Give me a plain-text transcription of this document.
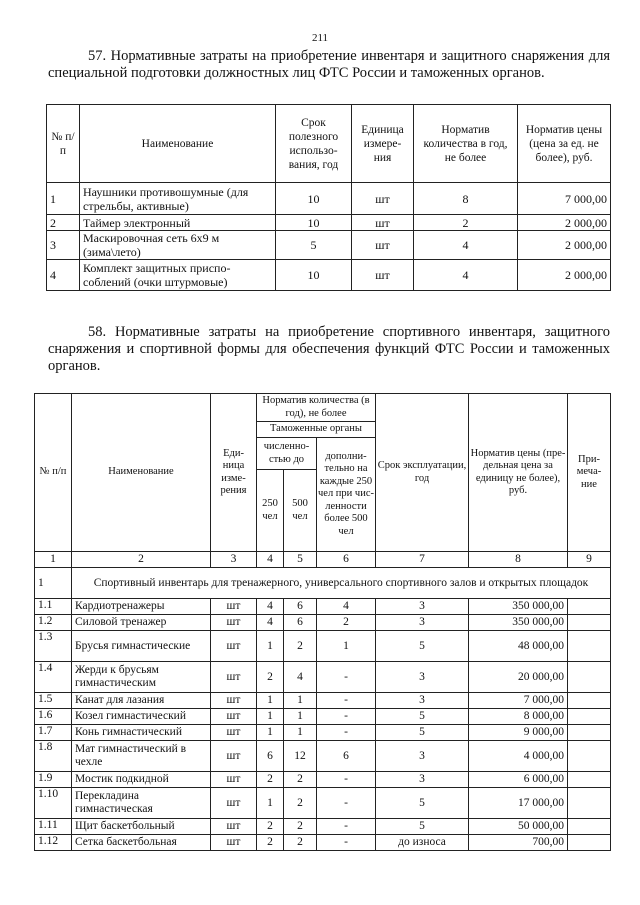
211
57. Нормативные затраты на приобретение инвентаря и защитного снаряжения для специальной подготовки должностных лиц ФТС России и таможенных органов.
№ п/п	Наименование	Срок полезного использо- вания, год	Единица измере- ния	Норматив количества в год, не более	Норматив цены (цена за ед. не более), руб.
1	Наушники противошумные (для стрельбы, активные)	10	шт	8	7 000,00
2	Таймер электронный	10	шт	2	2 000,00
3	Маскировочная сеть 6х9 м (зима\лето)	5	шт	4	2 000,00
4	Комплект защитных приспо- соблений (очки штурмовые)	10	шт	4	2 000,00
58. Нормативные затраты на приобретение спортивного инвентаря, защитного снаряжения и спортивной формы для обеспечения функций ФТС России и таможенных органов.
№ п/п	Наименование	Еди- ница изме- рения	Норматив количества (в год), не более			Срок эксплуатации, год	Норматив цены (пре- дельная цена за единицу не более), руб.	При- меча- ние
			Таможенные органы					
			численно- стью до		дополни- тельно на каждые 250 чел при чис- ленности более 500 чел			
			250 чел	500 чел				
1	2	3	4	5	6	7	8	9
1	Спортивный инвентарь для тренажерного, универсального спортивного залов и открытых площадок							
1.1	Кардиотренажеры	шт	4	6	4	3	350 000,00	
1.2	Силовой тренажер	шт	4	6	2	3	350 000,00	
1.3	Брусья гимнастические	шт	1	2	1	5	48 000,00	
1.4	Жерди к брусьям гимнастическим	шт	2	4	-	3	20 000,00	
1.5	Канат для лазания	шт	1	1	-	3	7 000,00	
1.6	Козел гимнастический	шт	1	1	-	5	8 000,00	
1.7	Конь гимнастический	шт	1	1	-	5	9 000,00	
1.8	Мат гимнастический в чехле	шт	6	12	6	3	4 000,00	
1.9	Мостик подкидной	шт	2	2	-	3	6 000,00	
1.10	Перекладина гимнастическая	шт	1	2	-	5	17 000,00	
1.11	Щит баскетбольный	шт	2	2	-	5	50 000,00	
1.12	Сетка баскетбольная	шт	2	2	-	до износа	700,00	
